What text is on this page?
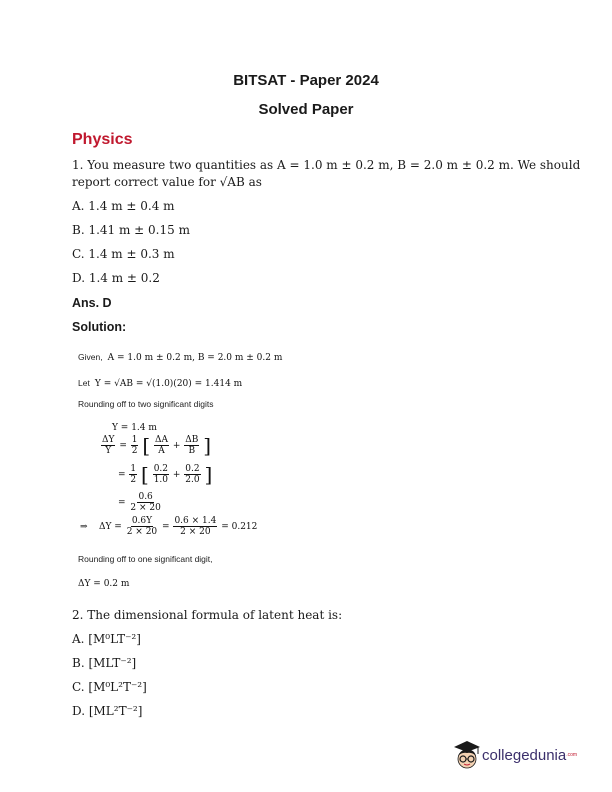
BITSAT - Paper 2024
Solved Paper
Physics
1. You measure two quantities as A = 1.0 m ± 0.2 m, B = 2.0 m ± 0.2 m. We should
report correct value for √AB as
A. 1.4 m ± 0.4 m
B. 1.41 m ± 0.15 m
C. 1.4 m ± 0.3 m
D. 1.4 m ± 0.2
Ans. D
Solution:
Given, A = 1.0 m ± 0.2 m, B = 2.0 m ± 0.2 m
Let Y = √AB = √(1.0)(20) = 1.414 m
Rounding off to two significant digits
Y = 1.4 m
$\frac{\Delta Y}{Y} = \frac{1}{2}$ [ $\frac{\Delta A}{A} + \frac{\Delta B}{B}$ ]
= $\frac{1}{2}$ [ $\frac{0.2}{1.0} + \frac{0.2}{2.0}$ ]
= $\frac{0.6}{2 \times 20}$
⇒ $\Delta Y = \frac{0.6Y}{2 \times 20} = \frac{0.6 \times 1.4}{2 \times 20} = 0.212$
Rounding off to one significant digit,
ΔY = 0.2 m
2. The dimensional formula of latent heat is:
A. [M⁰LT⁻²]
B. [MLT⁻²]
C. [M⁰L²T⁻²]
D. [ML²T⁻²]
collegedunia .com
